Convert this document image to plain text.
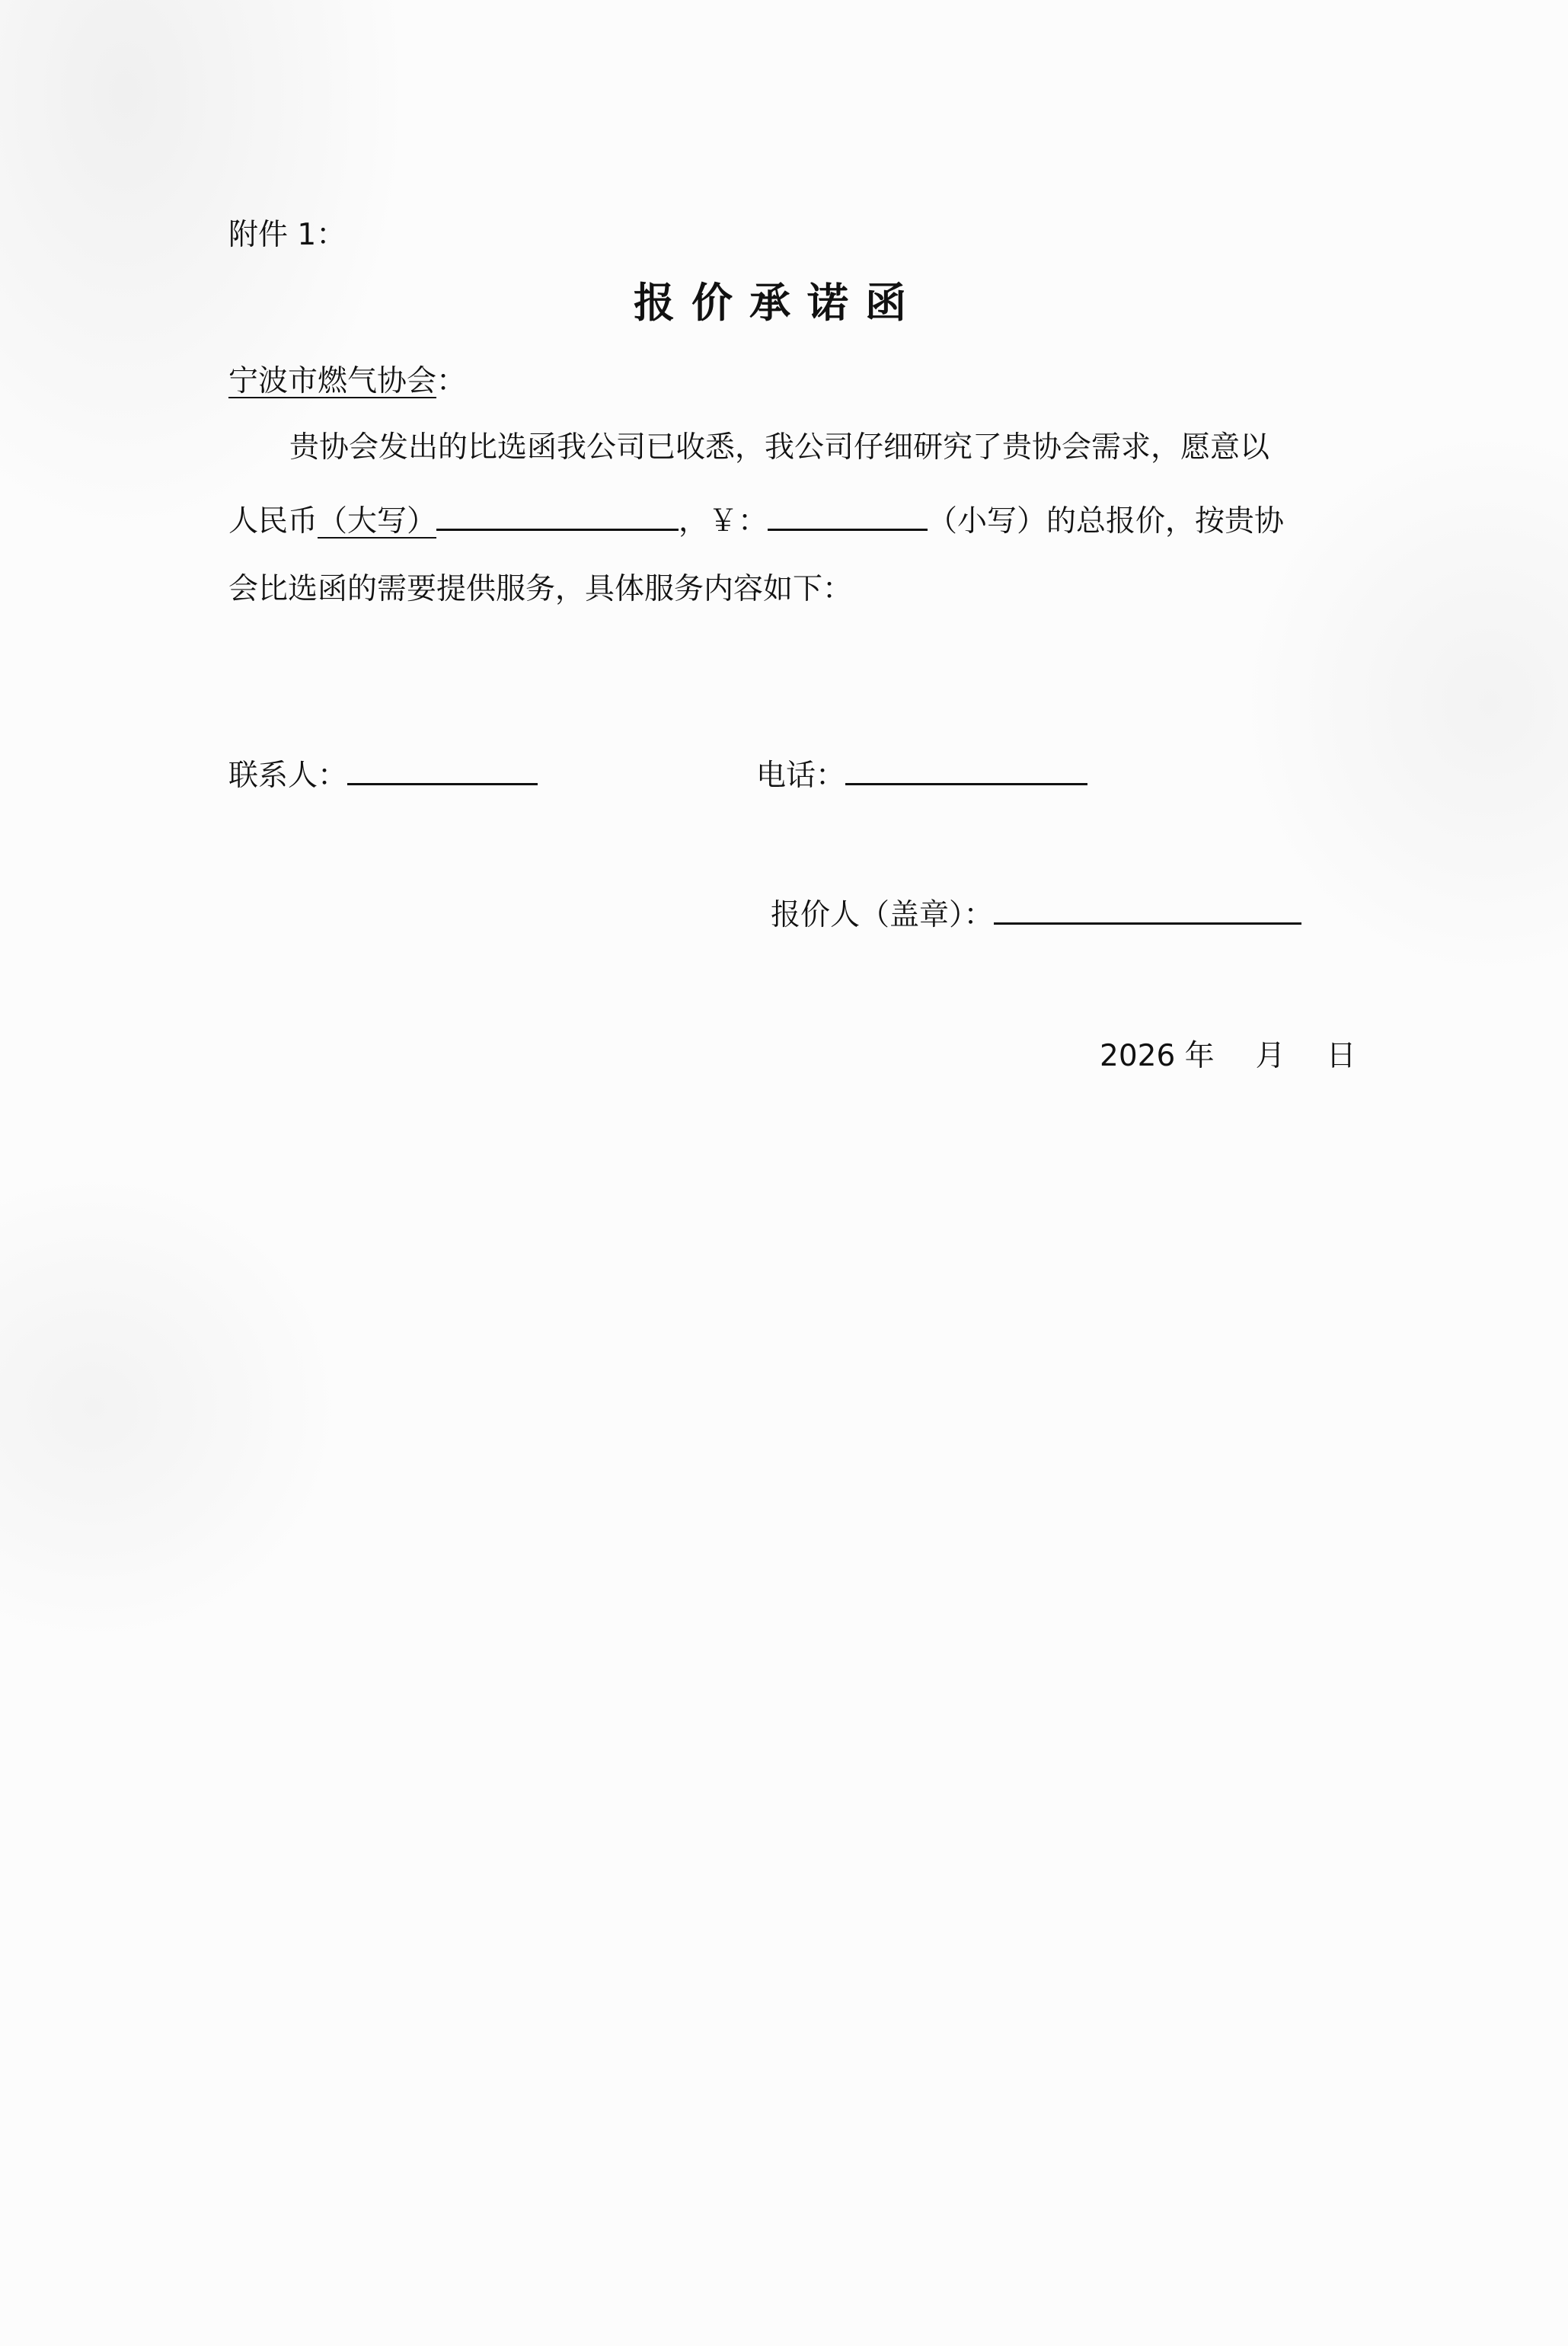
附件 1：
报价承诺函
宁波市燃气协会：
贵协会发出的比选函我公司已收悉，我公司仔细研究了贵协会需求，愿意以
人民币（大写）	，￥：	（小写）的总报价，按贵协
会比选函的需要提供服务，具体服务内容如下：
联系人：	电话：
报价人（盖章）：
2026 年 月 日
